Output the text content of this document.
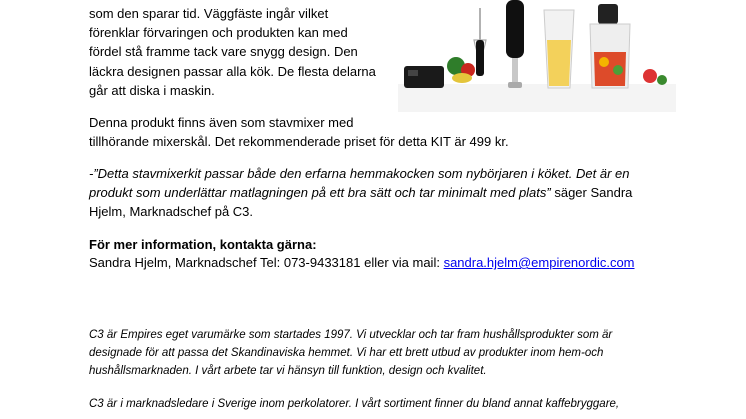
som den sparar tid. Väggfäste ingår vilket

förenklar förvaringen och produkten kan med

fördel stå framme tack vare snygg design. Den

läckra designen passar alla kök. De flesta delarna

går att diska i maskin.

Denna produkt finns även som stavmixer med

tillhörande mixerskål. Det rekommenderade priset för detta KIT är 499 kr.

-”Detta stavmixerkit passar både den erfarna hemmakocken som nybörjaren i köket. Det är en

produkt som underlättar matlagningen på ett bra sätt och tar minimalt med plats” säger Sandra

Hjelm, Marknadschef på C3.

För mer information, kontakta gärna:

Sandra Hjelm, Marknadschef Tel: 073-9433181 eller via mail: sandra.hjelm@empirenordic.com

C3 är Empires eget varumärke som startades 1997. Vi utvecklar och tar fram hushållsprodukter som är

designade för att passa det Skandinaviska hemmet. Vi har ett brett utbud av produkter inom hem-och

hushållsmarknaden. I vårt arbete tar vi hänsyn till funktion, design och kvalitet.

C3 är i marknadsledare i Sverige inom perkolatorer. I vårt sortiment finner du bland annat kaffebryggare,
